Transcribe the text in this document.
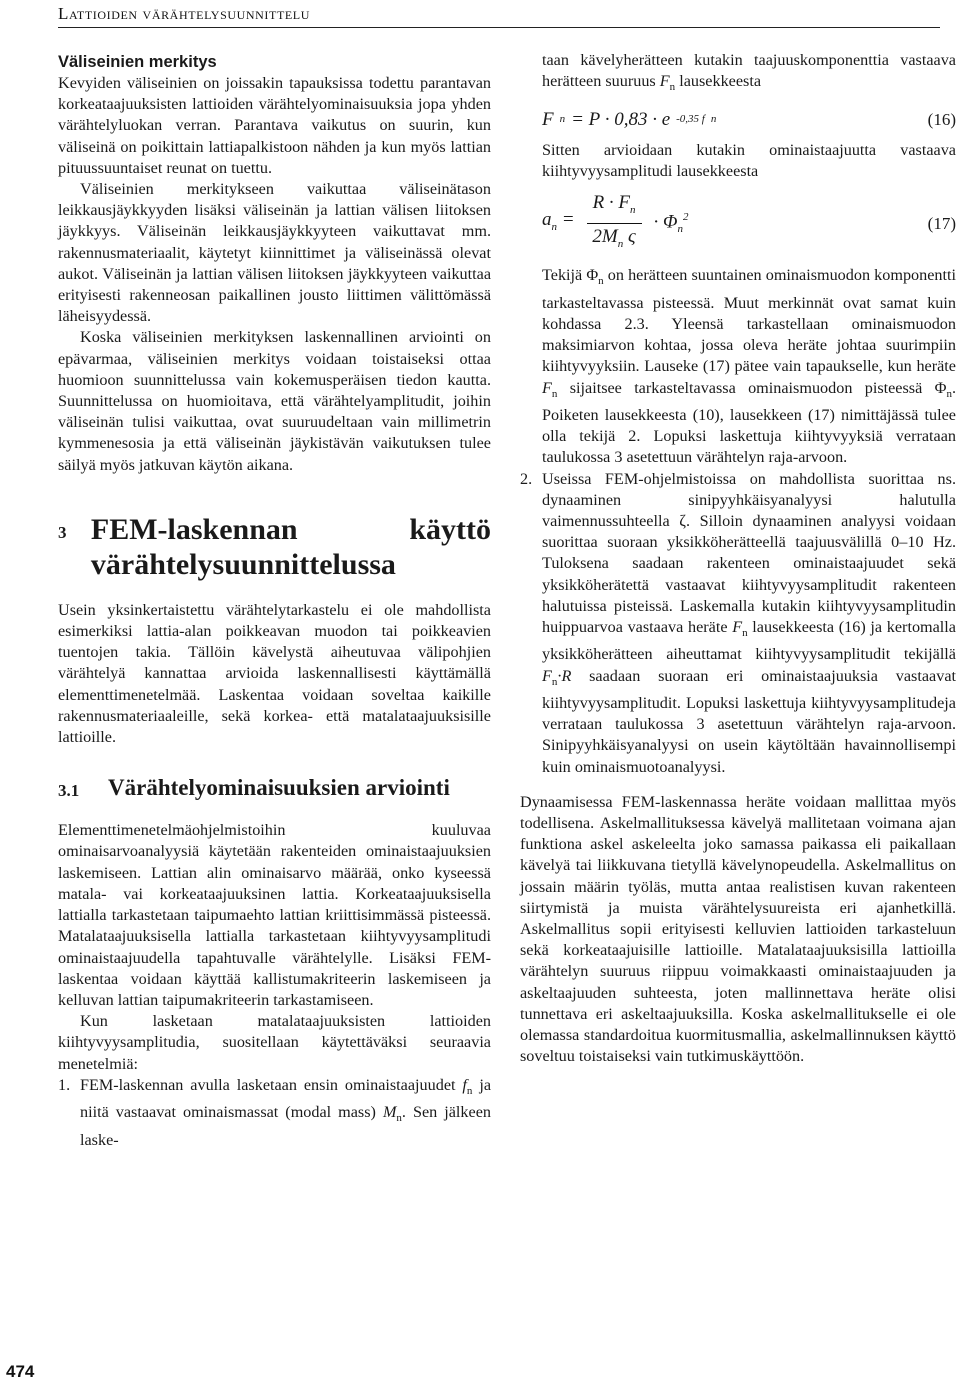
Lattioiden värähtelysuunnittelu

Väliseinien merkitys

Kevyiden väliseinien on joissakin tapauksissa todettu parantavan korkeataajuuksisten lattioiden värähtelyominaisuuksia jopa yhden värähtelyluokan verran. Parantava vaikutus on suurin, kun väliseinä on poikittain lattiapalkistoon nähden ja kun myös lattian pituussuuntaiset reunat on tuettu.

Väliseinien merkitykseen vaikuttaa väliseinätason leikkausjäykkyyden lisäksi väliseinän ja lattian välisen liitoksen jäykkyys. Väliseinän leikkausjäykkyyteen vaikuttavat mm. rakennusmateriaalit, käytetyt kiinnittimet ja väliseinässä olevat aukot. Väliseinän ja lattian välisen liitoksen jäykkyyteen vaikuttaa erityisesti rakenneosan paikallinen jousto liittimen välittömässä läheisyydessä.

Koska väliseinien merkityksen laskennallinen arviointi on epävarmaa, väliseinien merkitys voidaan toistaiseksi ottaa huomioon suunnittelussa vain kokemusperäisen tiedon kautta. Suunnittelussa on huomioitava, että värähtelyamplitudit, joihin väliseinän tulisi vaikuttaa, ovat suuruudeltaan vain millimetrin kymmenesosia ja että väliseinän jäykistävän vaikutuksen tulee säilyä myös jatkuvan käytön aikana.

3 FEM-laskennan käyttö värähtelysuunnittelussa

Usein yksinkertaistettu värähtelytarkastelu ei ole mahdollista esimerkiksi lattia-alan poikkeavan muodon tai poikkeavien tuentojen takia. Tällöin kävelystä aiheutuvaa välipohjien värähtelyä kannattaa arvioida laskennallisesti käyttämällä elementtimenetelmää. Laskentaa voidaan soveltaa kaikille rakennusmateriaaleille, sekä korkea- että matalataajuuksisille lattioille.

3.1	Värähtelyominaisuuksien arviointi

Elementtimenetelmäohjelmistoihin kuuluvaa ominaisarvoanalyysiä käytetään rakenteiden ominaistaajuuksien laskemiseen. Lattian alin ominaisarvo määrää, onko kyseessä matala- vai korkeataajuuksinen lattia. Korkeataajuuksisella lattialla tarkastetaan taipumaehto lattian kriittisimmässä pisteessä. Matalataajuuksisella lattialla tarkastetaan kiihtyvyysamplitudi ominaistaajuudella tapahtuvalle värähtelylle. Lisäksi FEM-laskentaa voidaan käyttää kallistumakriteerin laskemiseen ja kelluvan lattian taipumakriteerin tarkastamiseen.

Kun lasketaan matalataajuuksisten lattioiden kiihtyvyysamplitudia, suositellaan käytettäväksi seuraavia menetelmiä:

1. FEM-laskennan avulla lasketaan ensin ominaistaajuudet $f_n$ ja niitä vastaavat ominaismassat (modal mass) $M_n$. Sen jälkeen laske-

taan kävelyherätteen kutakin taajuuskomponenttia vastaava herätteen suuruus $F_n$ lausekkeesta

F n = P · 0,83 · e -0,35 f n	(16)

Sitten arvioidaan kutakin ominaistaajuutta vastaava kiihtyvyysamplitudi lausekkeesta

$a_n = \frac{R \cdot F_n}{2M_n \varsigma} \cdot \Phi_n^2$	(17)

Tekijä $\Phi_n$ on herätteen suuntainen ominaismuodon komponentti tarkasteltavassa pisteessä. Muut merkinnät ovat samat kuin kohdassa 2.3. Yleensä tarkastellaan ominaismuodon maksimiarvon kohtaa, jossa oleva heräte johtaa suurimpiin kiihtyvyyksiin. Lauseke (17) pätee vain tapaukselle, kun heräte $F_n$ sijaitsee tarkasteltavassa ominaismuodon pisteessä $\Phi_n$. Poiketen lausekkeesta (10), lausekkeen (17) nimittäjässä tulee olla tekijä 2. Lopuksi laskettuja kiihtyvyyksiä verrataan taulukossa 3 asetettuun värähtelyn raja-arvoon.

2. Useissa FEM-ohjelmistoissa on mahdollista suorittaa ns. dynaaminen sinipyyhkäisyanalyysi halutulla vaimennussuhteella ζ. Silloin dynaaminen analyysi voidaan suorittaa suoraan yksikköherätteellä taajuusvälillä 0–10 Hz. Tuloksena saadaan rakenteen ominaistaajuudet sekä yksikköherätettä vastaavat kiihtyvyysamplitudit rakenteen halutuissa pisteissä. Laskemalla kutakin kiihtyvyysamplitudin huippuarvoa vastaava heräte $F_n$ lausekkeesta (16) ja kertomalla yksikköherätteen aiheuttamat kiihtyvyysamplitudit tekijällä $F_n\cdot R$ saadaan suoraan eri ominaistaajuuksia vastaavat kiihtyvyysamplitudit. Lopuksi laskettuja kiihtyvyysamplitudeja verrataan taulukossa 3 asetettuun värähtelyn raja-arvoon. Sinipyyhkäisyanalyysi on usein käytöltään havainnollisempi kuin ominaismuotoanalyysi.

Dynaamisessa FEM-laskennassa heräte voidaan mallittaa myös todellisena. Askelmallituksessa kävelyä mallitetaan voimana ajan funktiona askel askeleelta joko samassa paikassa eli paikallaan kävelyä tai liikkuvana tietyllä kävelynopeudella. Askelmallitus on jossain määrin työläs, mutta antaa realistisen kuvan rakenteen siirtymistä ja muista värähtelysuureista eri ajanhetkillä. Askelmallitus sopii erityisesti kelluvien lattioiden tarkasteluun sekä korkeataajuisille lattioille. Matalataajuuksisilla lattioilla värähtelyn suuruus riippuu voimakkaasti ominaistaajuuden ja askeltaajuuden suhteesta, joten mallinnettava heräte olisi tunnettava eri askeltaajuuksilla. Koska askelmallitukselle ei ole olemassa standardoitua kuormitusmallia, askelmallinnuksen käyttö soveltuu toistaiseksi vain tutkimuskäyttöön.

474
